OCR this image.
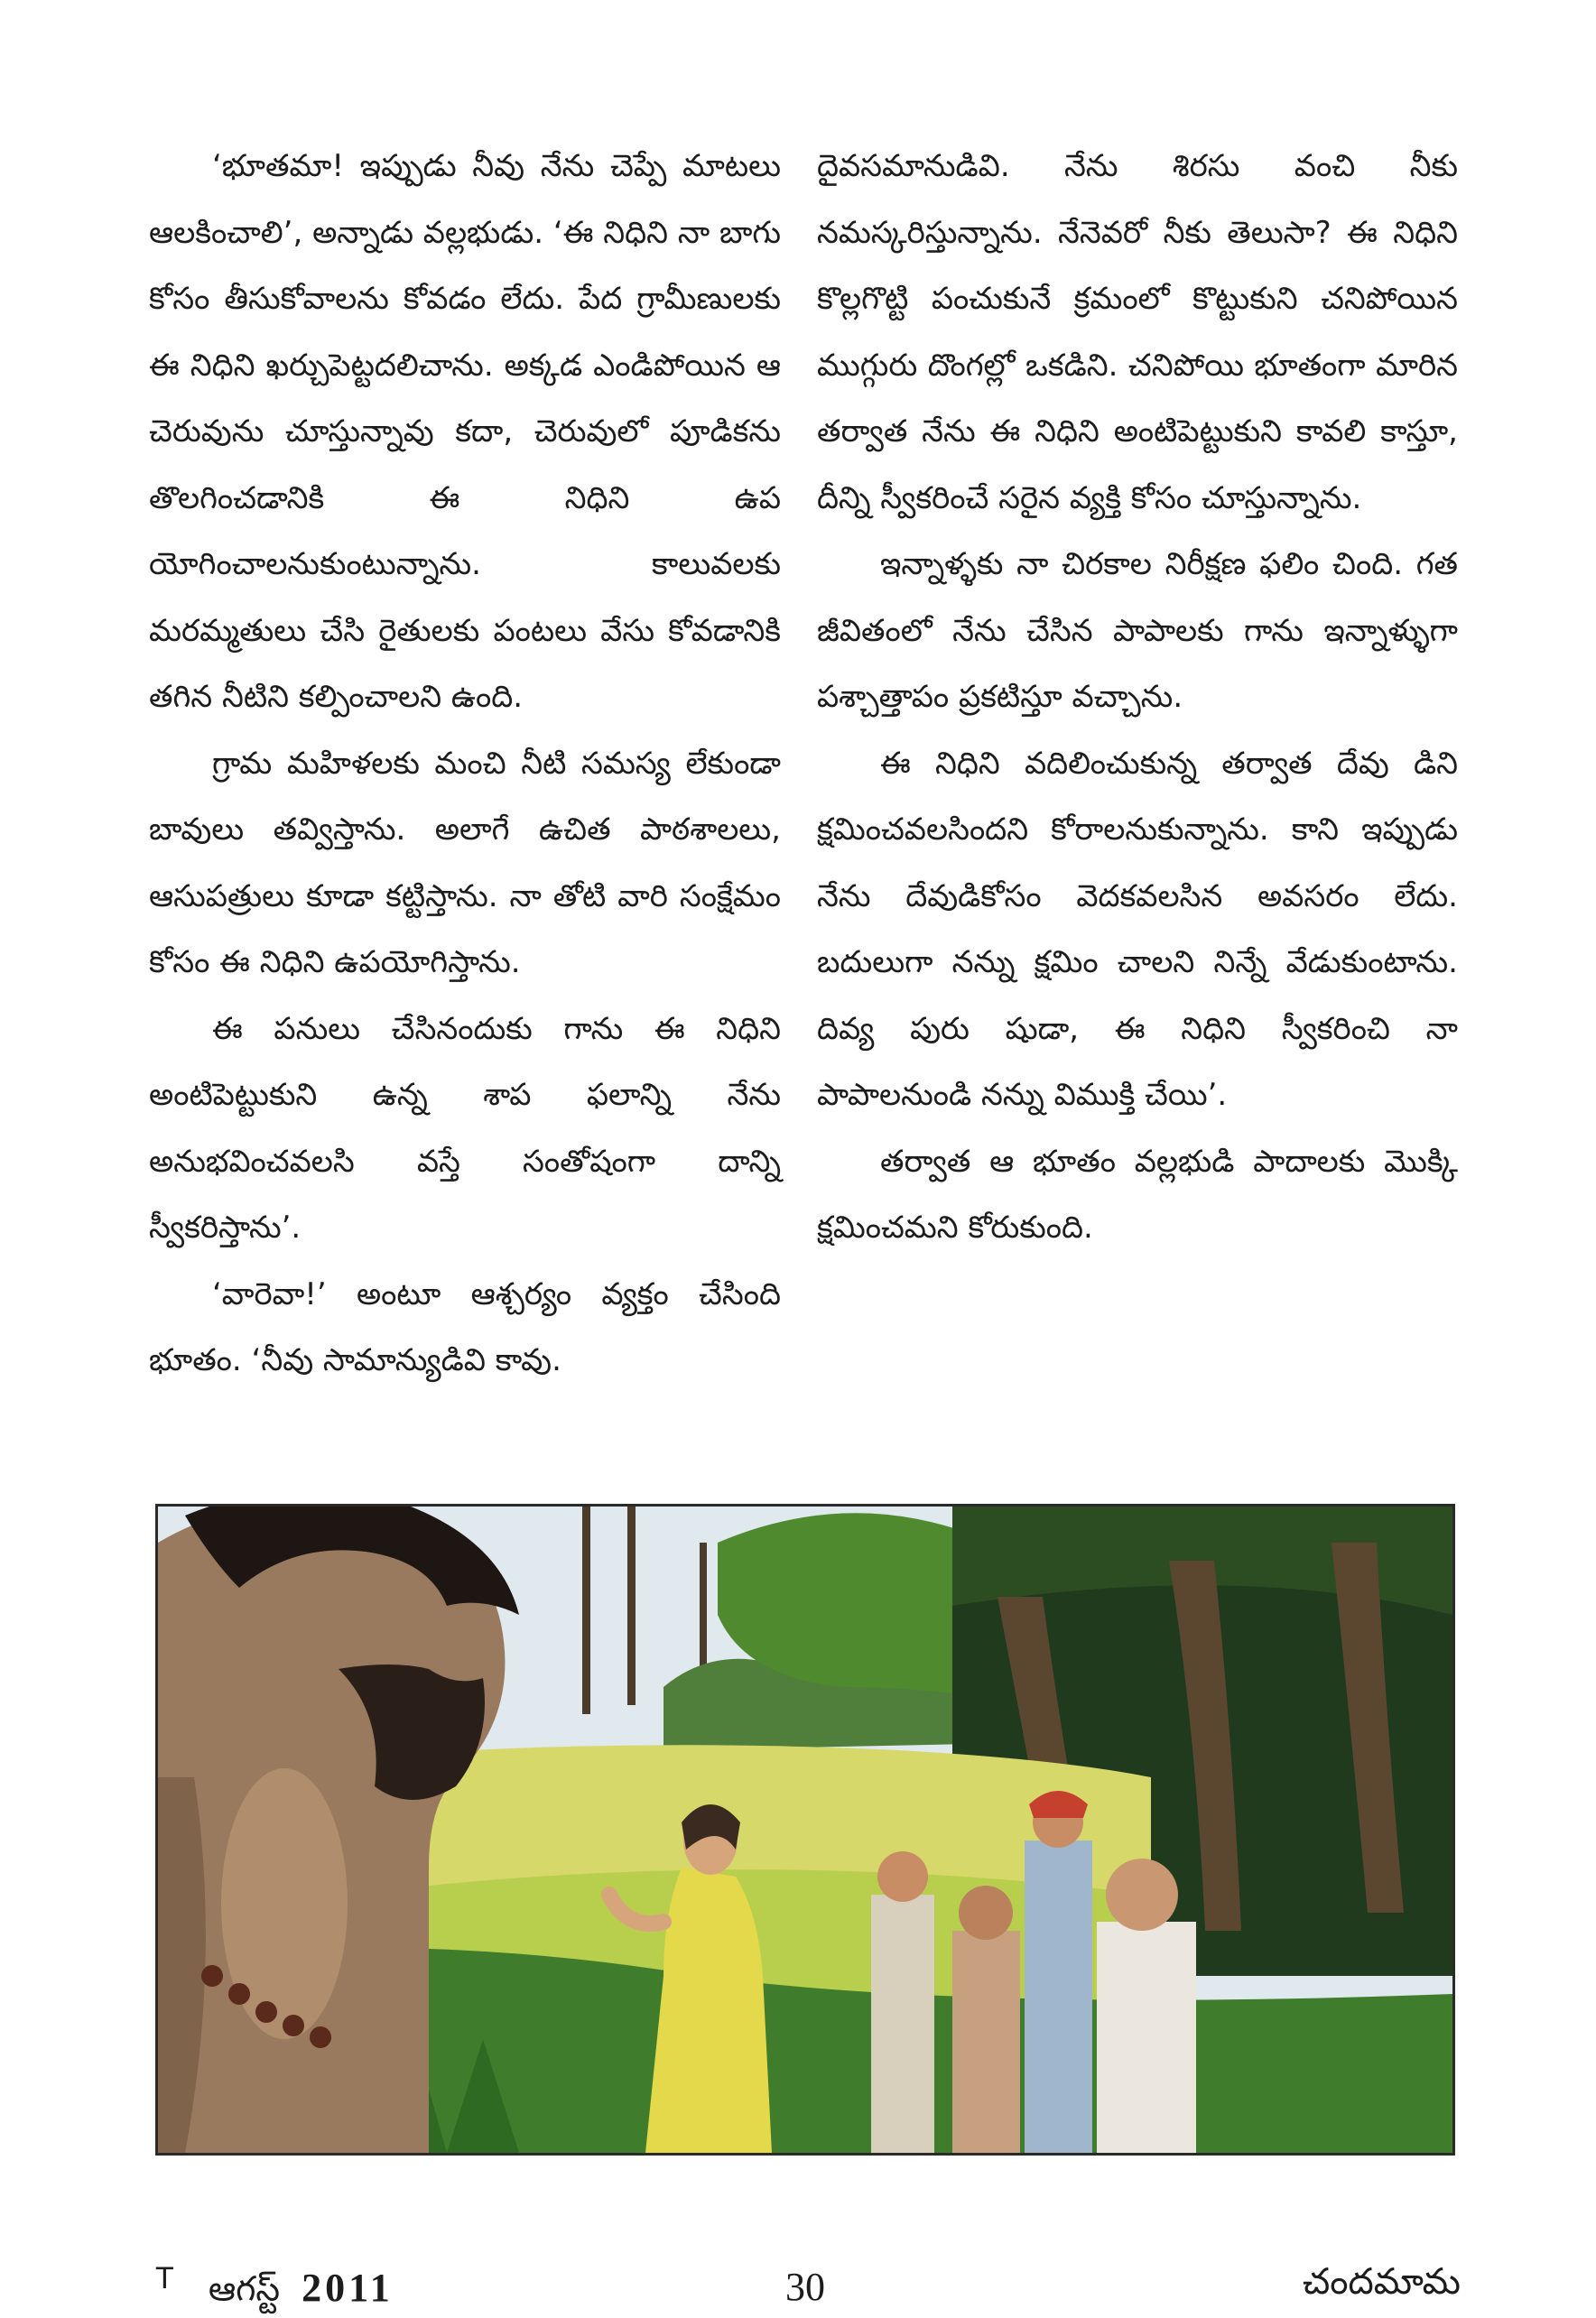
‘భూతమా! ఇప్పుడు నీవు నేను చెప్పే మాటలు ఆలకించాలి’, అన్నాడు వల్లభుడు. ‘ఈ నిధిని నా బాగు కోసం తీసుకోవాలను కోవడం లేదు. పేద గ్రామీణులకు ఈ నిధిని ఖర్చుపెట్టదలిచాను. అక్కడ ఎండిపోయిన ఆ చెరువును చూస్తున్నావు కదా, చెరువులో పూడికను తొలగించడానికి ఈ నిధిని ఉప యోగించాలనుకుంటున్నాను. కాలువలకు మరమ్మతులు చేసి రైతులకు పంటలు వేసు కోవడానికి తగిన నీటిని కల్పించాలని ఉంది.

గ్రామ మహిళలకు మంచి నీటి సమస్య లేకుండా బావులు తవ్విస్తాను. అలాగే ఉచిత పాఠశాలలు, ఆసుపత్రులు కూడా కట్టిస్తాను. నా తోటి వారి సంక్షేమం కోసం ఈ నిధిని ఉపయోగిస్తాను.

ఈ పనులు చేసినందుకు గాను ఈ నిధిని అంటిపెట్టుకుని ఉన్న శాప ఫలాన్ని నేను అనుభవించవలసి వస్తే సంతోషంగా దాన్ని స్వీకరిస్తాను’.

‘వారెవా!’ అంటూ ఆశ్చర్యం వ్యక్తం చేసింది భూతం. ‘నీవు సామాన్యుడివి కావు.

దైవసమానుడివి. నేను శిరసు వంచి నీకు నమస్కరిస్తున్నాను. నేనెవరో నీకు తెలుసా? ఈ నిధిని కొల్లగొట్టి పంచుకునే క్రమంలో కొట్టుకుని చనిపోయిన ముగ్గురు దొంగల్లో ఒకడిని. చనిపోయి భూతంగా మారిన తర్వాత నేను ఈ నిధిని అంటిపెట్టుకుని కావలి కాస్తూ, దీన్ని స్వీకరించే సరైన వ్యక్తి కోసం చూస్తున్నాను.

ఇన్నాళ్ళకు నా చిరకాల నిరీక్షణ ఫలిం చింది. గత జీవితంలో నేను చేసిన పాపాలకు గాను ఇన్నాళ్ళుగా పశ్చాత్తాపం ప్రకటిస్తూ వచ్చాను.

ఈ నిధిని వదిలించుకున్న తర్వాత దేవు డిని క్షమించవలసిందని కోరాలనుకున్నాను. కాని ఇప్పుడు నేను దేవుడికోసం వెదకవలసిన అవసరం లేదు. బదులుగా నన్ను క్షమిం చాలని నిన్నే వేడుకుంటాను. దివ్య పురు షుడా, ఈ నిధిని స్వీకరించి నా పాపాలనుండి నన్ను విముక్తి చేయి’.

తర్వాత ఆ భూతం వల్లభుడి పాదాలకు మొక్కి క్షమించమని కోరుకుంది.

T ఆగస్ట్ 2011	30	చందమామ
